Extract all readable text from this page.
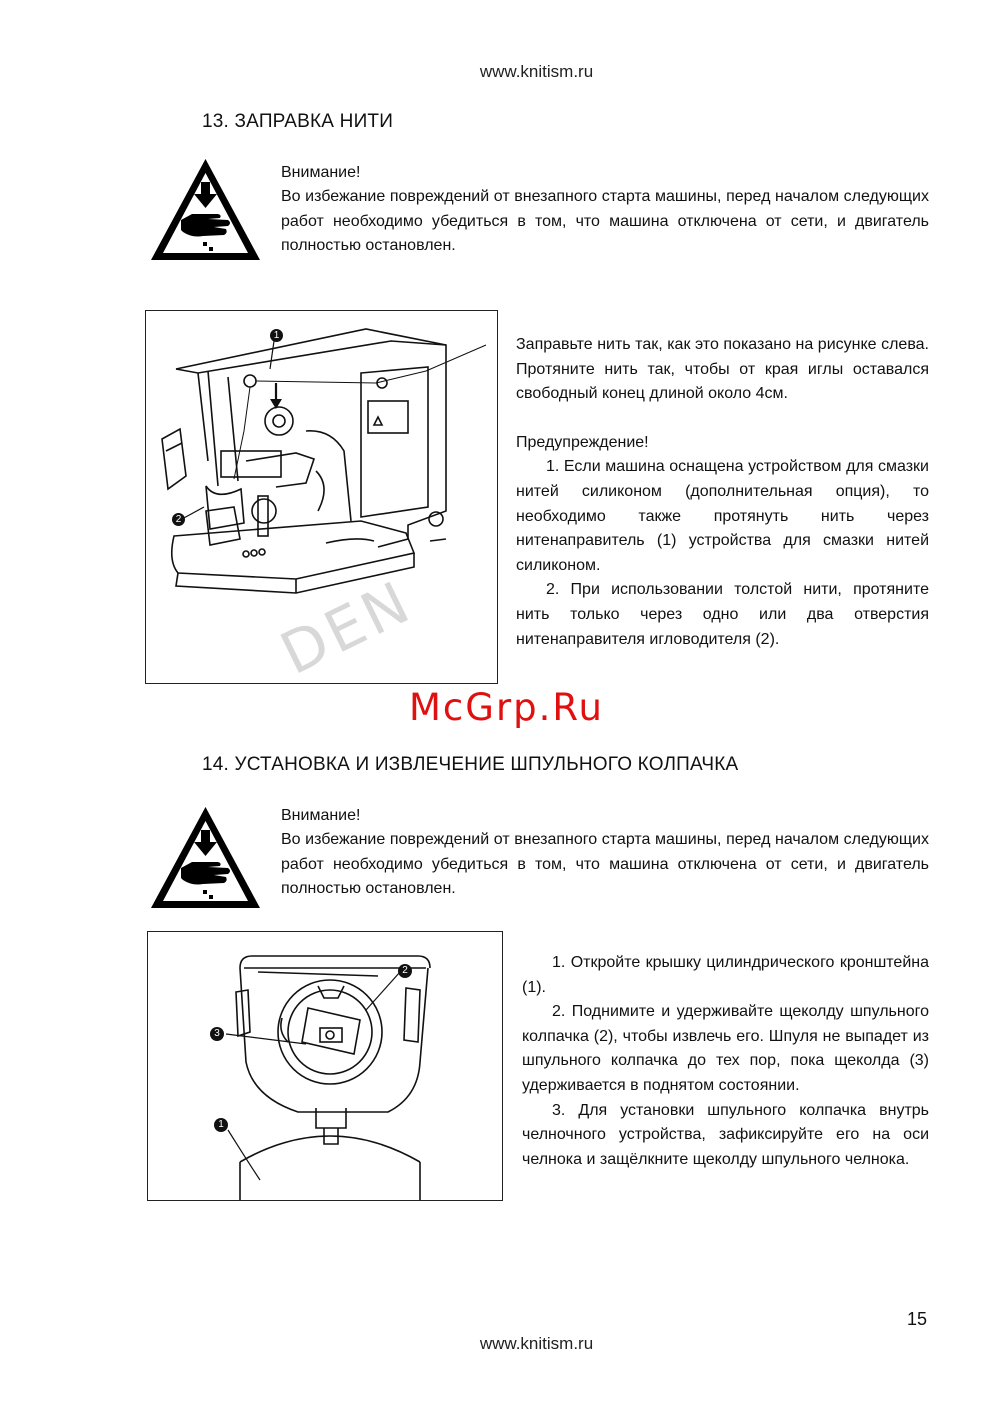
www.knitism.ru
13. ЗАПРАВКА НИТИ
Внимание!
Во избежание повреждений от внезапного старта машины, перед началом следующих работ необходимо убедиться в том, что машина отключена от сети, и двигатель полностью остановлен.
1
2

Заправьте нить так, как это показано на рисунке слева. Протяните нить так, чтобы от края иглы оставался свободный конец длиной около 4см.

Предупреждение!

1. Если машина оснащена устройством для смазки нитей силиконом (дополнительная опция), то необходимо также протянуть нить через нитенаправитель (1) устройства для смазки нитей силиконом.

2. При использовании толстой нити, протяните нить только через одно или два отверстия нитенаправителя игловодителя (2).

DEN
McGrp.Ru
14. УСТАНОВКА И ИЗВЛЕЧЕНИЕ ШПУЛЬНОГО КОЛПАЧКА
Внимание!
Во избежание повреждений от внезапного старта машины, перед началом следующих работ необходимо убедиться в том, что машина отключена от сети, и двигатель полностью остановлен.
2
3
1

1. Откройте крышку цилиндрического кронштейна (1).

2. Поднимите и удерживайте щеколду шпульного колпачка (2), чтобы извлечь его. Шпуля не выпадет из шпульного колпачка до тех пор, пока щеколда (3) удерживается в поднятом состоянии.

3. Для установки шпульного колпачка внутрь челночного устройства, зафиксируйте его на оси челнока и защёлкните щеколду шпульного челнока.

15
www.knitism.ru
